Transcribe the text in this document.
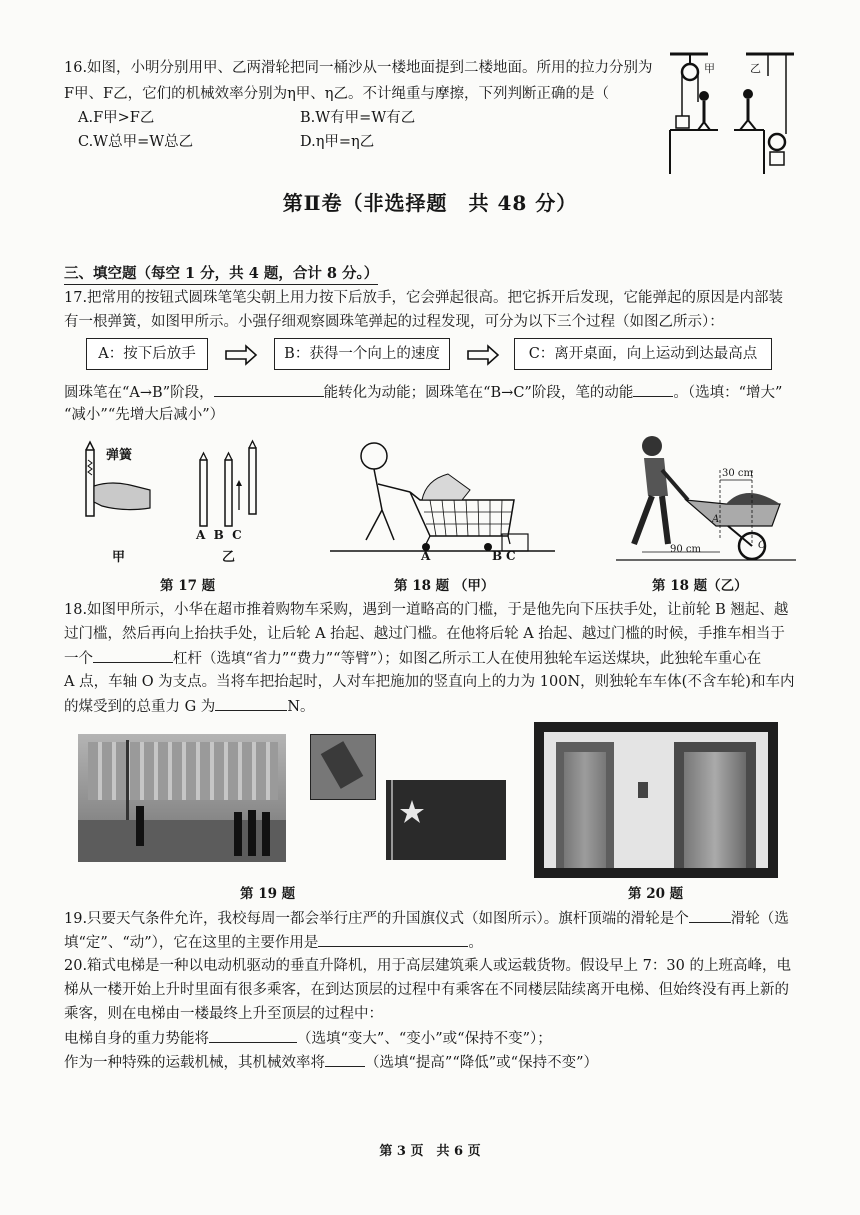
16.如图，小明分别用甲、乙两滑轮把同一桶沙从一楼地面提到二楼地面。所用的拉力分别为
F甲、F乙，它们的机械效率分别为η甲、η乙。不计绳重与摩擦，下列判断正确的是（
A.F甲>F乙	B.W有甲=W有乙
C.W总甲=W总乙	D.η甲=η乙
甲	乙
第Ⅱ卷（非选择题　共 48 分）
三、填空题（每空 1 分，共 4 题，合计 8 分。）
17.把常用的按钮式圆珠笔笔尖朝上用力按下后放手，它会弹起很高。把它拆开后发现，它能弹起的原因是内部装
有一根弹簧，如图甲所示。小强仔细观察圆珠笔弹起的过程发现，可分为以下三个过程（如图乙所示）：
A：按下后放手	B：获得一个向上的速度	C：离开桌面，向上运动到达最高点
圆珠笔在“A→B”阶段，	能转化为动能；圆珠笔在“B→C”阶段，笔的动能	。（选填：“增大”
“减小”“先增大后减小”）
弹簧
甲
A  B  C
乙
第 17 题
A	B C
第 18 题 （甲）
30 cm
90 cm
A
O
第 18 题（乙）
18.如图甲所示，小华在超市推着购物车采购，遇到一道略高的门槛，于是他先向下压扶手处，让前轮 B 翘起、越
过门槛，然后再向上抬扶手处，让后轮 A 抬起、越过门槛。在他将后轮 A 抬起、越过门槛的时候，手推车相当于
一个	杠杆（选填“省力”“费力”“等臂”）；如图乙所示工人在使用独轮车运送煤块，此独轮车重心在
A 点，车轴 O 为支点。当将车把抬起时，人对车把施加的竖直向上的力为 100N，则独轮车车体(不含车轮)和车内
的煤受到的总重力 G 为	N。
第 19 题	第 20 题
19.只要天气条件允许，我校每周一都会举行庄严的升国旗仪式（如图所示）。旗杆顶端的滑轮是个	滑轮（选
填“定”、“动”），它在这里的主要作用是	。
20.箱式电梯是一种以电动机驱动的垂直升降机，用于高层建筑乘人或运载货物。假设早上 7：30 的上班高峰，电
梯从一楼开始上升时里面有很多乘客，在到达顶层的过程中有乘客在不同楼层陆续离开电梯、但始终没有再上新的
乘客，则在电梯由一楼最终上升至顶层的过程中：
电梯自身的重力势能将	（选填“变大”、“变小”或“保持不变”）；
作为一种特殊的运载机械，其机械效率将	（选填“提高”“降低”或“保持不变”）
第 3 页　共 6 页
